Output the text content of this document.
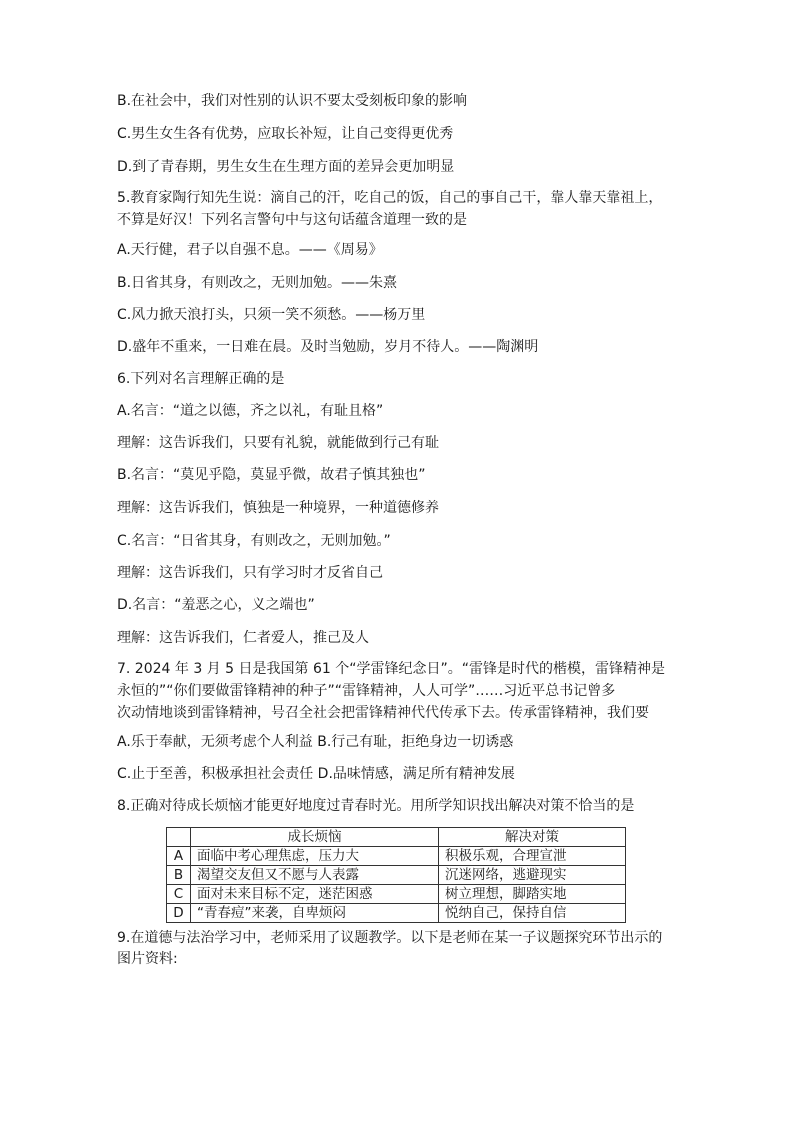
B.在社会中，我们对性别的认识不要太受刻板印象的影响
C.男生女生各有优势，应取长补短，让自己变得更优秀
D.到了青春期，男生女生在生理方面的差异会更加明显
5.教育家陶行知先生说：滴自己的汗，吃自己的饭，自己的事自己干，靠人靠天靠祖上，
不算是好汉！下列名言警句中与这句话蕴含道理一致的是
A.天行健，君子以自强不息。——《周易》
B.日省其身，有则改之，无则加勉。——朱熹
C.风力掀天浪打头，只须一笑不须愁。——杨万里
D.盛年不重来，一日难在晨。及时当勉励，岁月不待人。——陶渊明
6.下列对名言理解正确的是
A.名言：“道之以德，齐之以礼，有耻且格”
理解：这告诉我们，只要有礼貌，就能做到行己有耻
B.名言：“莫见乎隐，莫显乎微，故君子慎其独也”
理解：这告诉我们，慎独是一种境界，一种道德修养
C.名言：“日省其身，有则改之，无则加勉。”
理解：这告诉我们，只有学习时才反省自己
D.名言：“羞恶之心，义之端也”
理解：这告诉我们，仁者爱人，推己及人
7. 2024 年 3 月 5 日是我国第 61 个“学雷锋纪念日”。“雷锋是时代的楷模，雷锋精神是
永恒的”“你们要做雷锋精神的种子”“雷锋精神，人人可学”……习近平总书记曾多
次动情地谈到雷锋精神，号召全社会把雷锋精神代代传承下去。传承雷锋精神，我们要
A.乐于奉献，无须考虑个人利益 B.行己有耻，拒绝身边一切诱惑
C.止于至善，积极承担社会责任 D.品味情感，满足所有精神发展
8.正确对待成长烦恼才能更好地度过青春时光。用所学知识找出解决对策不恰当的是
	成长烦恼	解决对策
A	面临中考心理焦虑，压力大	积极乐观，合理宣泄
B	渴望交友但又不愿与人表露	沉迷网络，逃避现实
C	面对未来目标不定，迷茫困惑	树立理想，脚踏实地
D	“青春痘”来袭，自卑烦闷	悦纳自己，保持自信
9.在道德与法治学习中，老师采用了议题教学。以下是老师在某一子议题探究环节出示的
图片资料:
